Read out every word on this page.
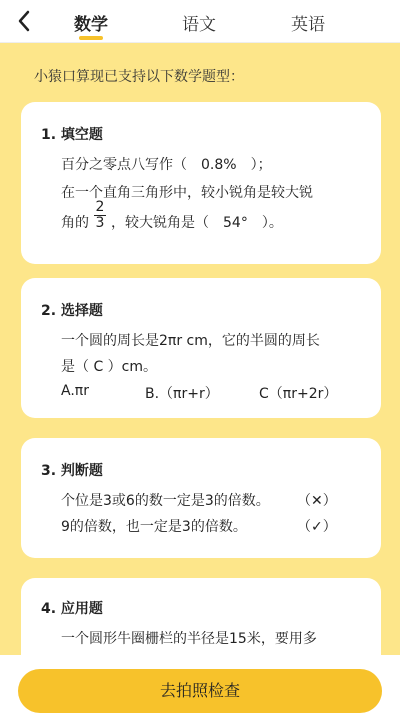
数学	语文	英语
小猿口算现已支持以下数学题型：
1. 填空题
百分之零点八写作（　0.8%　）；
在一个直角三角形中，较小锐角是较大锐
角的
2
3 ，较大锐角是（　54°　）。
2. 选择题
一个圆的周长是2πr cm，它的半圆的周长
是（ C ）cm。
A.πr	B.（πr+r）	C（πr+2r）
3. 判断题
个位是3或6的数一定是3的倍数。 （✕）
9的倍数，也一定是3的倍数。	（✓）
4. 应用题
一个圆形牛圈栅栏的半径是15米，要用多
去拍照检查
